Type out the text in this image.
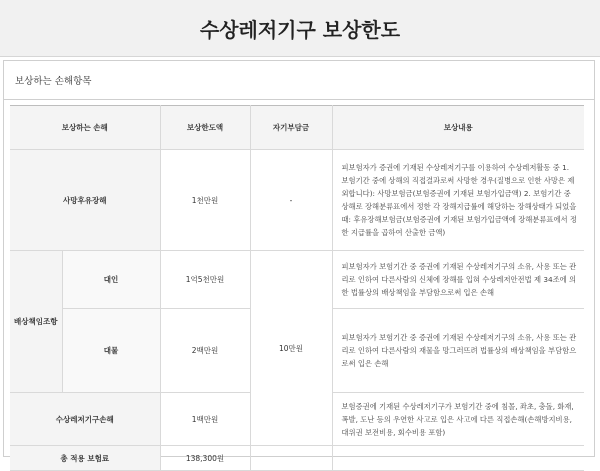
수상레저기구 보상한도
보상하는 손해항목
보상하는 손해		보상한도액	자기부담금	보상내용
사망후유장해		1천만원	-	피보험자가 증권에 기재된 수상레저기구를 이용하여 수상레저활동 중 1. 보험기간 중에 상해의 직접결과로써 사망한 경우(질병으로 인한 사망은 제외합니다): 사망보험금(보험증권에 기재된 보험가입금액) 2. 보험기간 중 상해로 장해분류표에서 정한 각 장해지급률에 해당하는 장해상태가 되었을 때: 후유장해보험금(보험증권에 기재된 보험가입금액에 장해분류표에서 정한 지급률을 곱하여 산출한 금액)
배상책임조항	대인	1억5천만원	10만원	피보험자가 보험기간 중 증권에 기재된 수상레저기구의 소유, 사용 또는 관리로 인하여 다른사람의 신체에 장해를 입혀 수상레저안전법 제 34조에 의한 법률상의 배상책임을 부담함으로써 입은 손해
	대물	2백만원		피보험자가 보험기간 중 증권에 기재된 수상레저기구의 소유, 사용 또는 관리로 인하여 다른사람의 재물을 망그러뜨려 법률상의 배상책임을 부담함으로써 입은 손해
수상레저기구손해		1백만원		보험증권에 기재된 수상레저기구가 보험기간 중에 침몰, 좌초, 충돌, 화재, 폭발, 도난 등의 우연한 사고로 입은 사고에 다른 직접손해(손해방지비용, 대위권 보전비용, 회수비용 포함)
총 적용 보험료		138,300원		
